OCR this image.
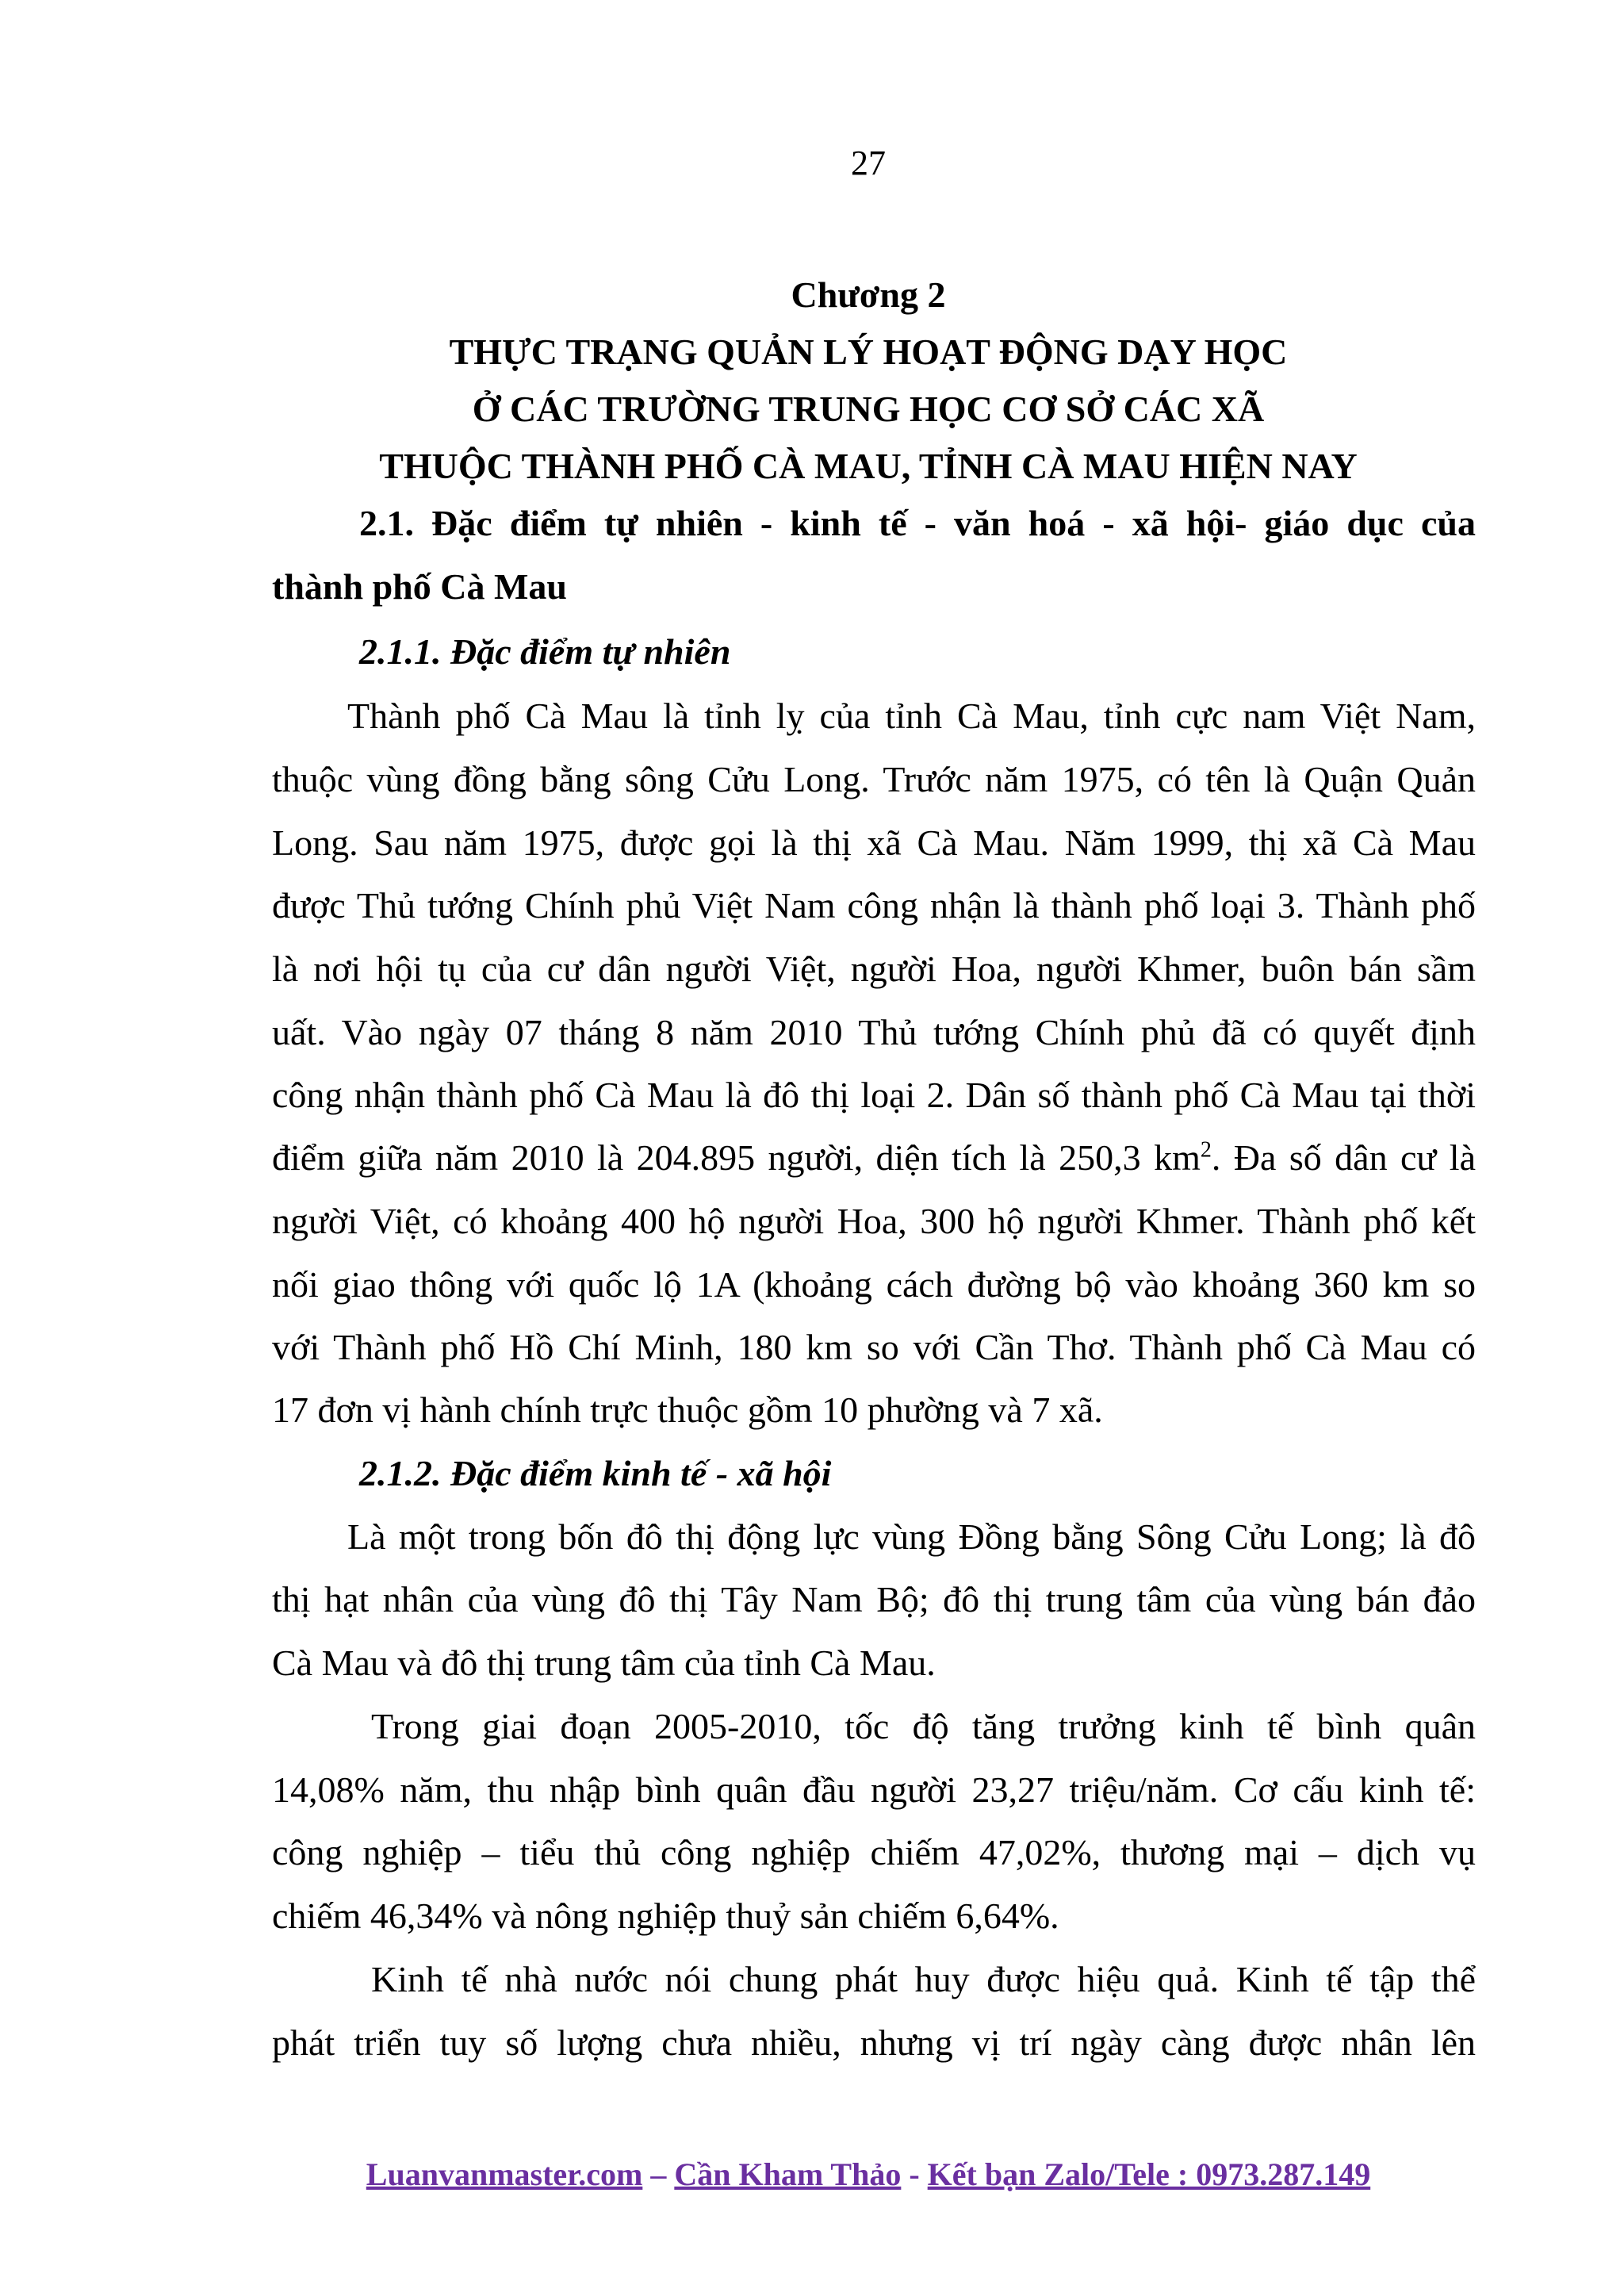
27
Chương 2
THỰC TRẠNG QUẢN LÝ HOẠT ĐỘNG DẠY HỌC
Ở CÁC TRƯỜNG TRUNG HỌC CƠ SỞ CÁC XÃ
THUỘC THÀNH PHỐ CÀ MAU, TỈNH CÀ MAU HIỆN NAY
2.1. Đặc điểm tự nhiên - kinh tế - văn hoá - xã hội- giáo dục của
thành phố Cà Mau
2.1.1. Đặc điểm tự nhiên
Thành phố Cà Mau là tỉnh lỵ của tỉnh Cà Mau, tỉnh cực nam Việt Nam,
thuộc vùng đồng bằng sông Cửu Long. Trước năm 1975, có tên là Quận Quản
Long. Sau năm 1975, được gọi là thị xã Cà Mau. Năm 1999, thị xã Cà Mau
được Thủ tướng Chính phủ Việt Nam công nhận là thành phố loại 3. Thành phố
là nơi hội tụ của cư dân người Việt, người Hoa, người Khmer, buôn bán sầm
uất. Vào ngày 07 tháng 8 năm 2010 Thủ tướng Chính phủ đã có quyết định
công nhận thành phố Cà Mau là đô thị loại 2. Dân số thành phố Cà Mau tại thời
điểm giữa năm 2010 là 204.895 người, diện tích là 250,3 $km^2$. Đa số dân cư là
người Việt, có khoảng 400 hộ người Hoa, 300 hộ người Khmer. Thành phố kết
nối giao thông với quốc lộ 1A (khoảng cách đường bộ vào khoảng 360 km so
với Thành phố Hồ Chí Minh, 180 km so với Cần Thơ. Thành phố Cà Mau có
17 đơn vị hành chính trực thuộc gồm 10 phường và 7 xã.
2.1.2. Đặc điểm kinh tế - xã hội
Là một trong bốn đô thị động lực vùng Đồng bằng Sông Cửu Long; là đô
thị hạt nhân của vùng đô thị Tây Nam Bộ; đô thị trung tâm của vùng bán đảo
Cà Mau và đô thị trung tâm của tỉnh Cà Mau.
Trong giai đoạn 2005-2010, tốc độ tăng trưởng kinh tế bình quân
14,08% năm, thu nhập bình quân đầu người 23,27 triệu/năm. Cơ cấu kinh tế:
công nghiệp – tiểu thủ công nghiệp chiếm 47,02%, thương mại – dịch vụ
chiếm 46,34% và nông nghiệp thuỷ sản chiếm 6,64%.
Kinh tế nhà nước nói chung phát huy được hiệu quả. Kinh tế tập thể
phát triển tuy số lượng chưa nhiều, nhưng vị trí ngày càng được nhân lên
Luanvanmaster.com – Cần Kham Thảo - Kết bạn Zalo/Tele : 0973.287.149
